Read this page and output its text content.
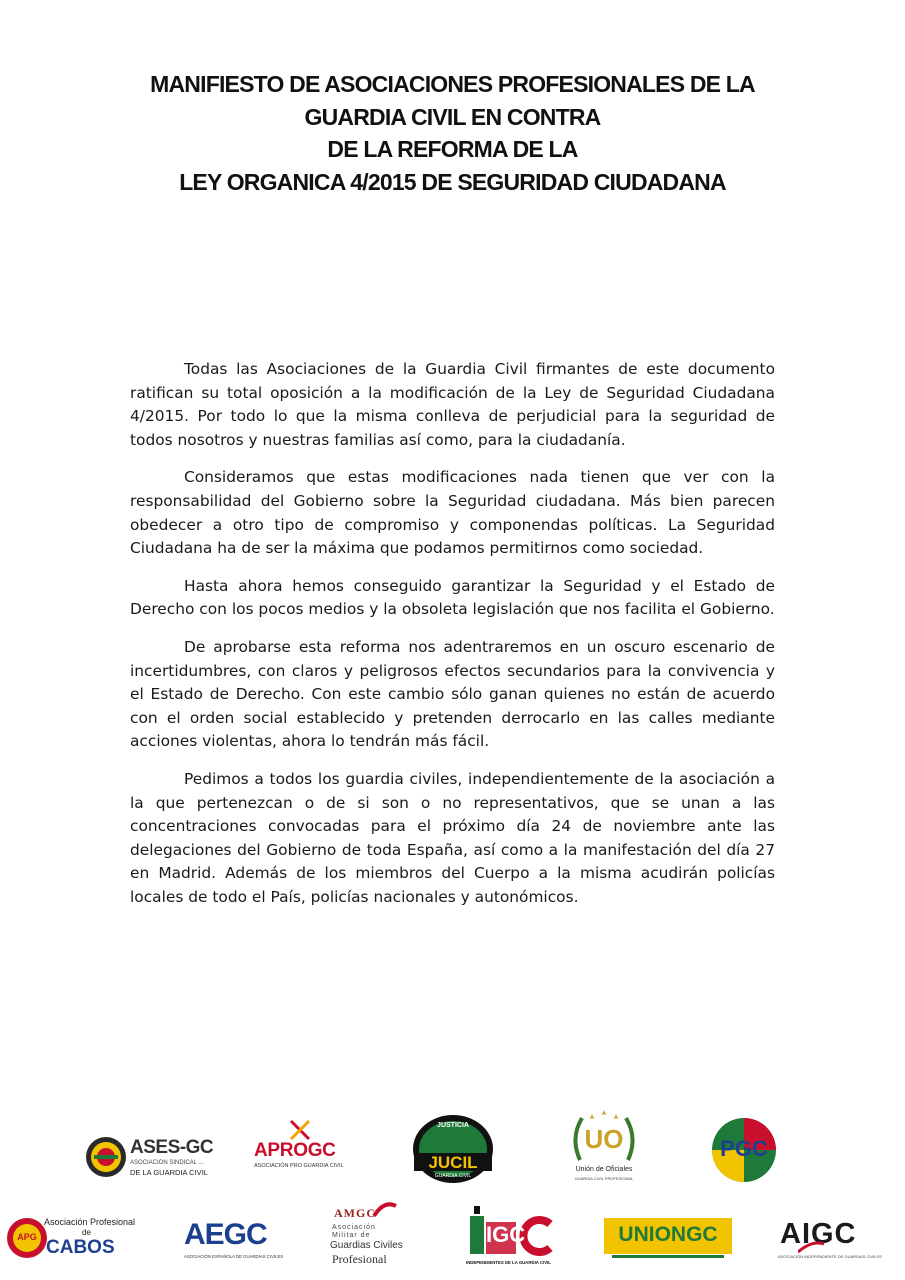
MANIFIESTO DE ASOCIACIONES PROFESIONALES DE LA
GUARDIA CIVIL EN CONTRA
DE LA REFORMA DE LA
LEY ORGANICA 4/2015 DE SEGURIDAD CIUDADANA

Todas las Asociaciones de la Guardia Civil firmantes de este documento ratifican su total oposición a la modificación de la Ley de Seguridad Ciudadana 4/2015. Por todo lo que la misma conlleva de perjudicial para la seguridad de todos nosotros y nuestras familias así como, para la ciudadanía.

Consideramos que estas modificaciones nada tienen que ver con la responsabilidad del Gobierno sobre la Seguridad ciudadana. Más bien parecen obedecer a otro tipo de compromiso y componendas políticas. La Seguridad Ciudadana ha de ser la máxima que podamos permitirnos como sociedad.

Hasta ahora hemos conseguido garantizar la Seguridad y el Estado de Derecho con los pocos medios y la obsoleta legislación que nos facilita el Gobierno.

De aprobarse esta reforma nos adentraremos en un oscuro escenario de incertidumbres, con claros y peligrosos efectos secundarios para la convivencia y el Estado de Derecho. Con este cambio sólo ganan quienes no están de acuerdo con el orden social establecido y pretenden derrocarlo en las calles mediante acciones violentas, ahora lo tendrán más fácil.

Pedimos a todos los guardia civiles, independientemente de la asociación a la que pertenezcan o de si son o no representativos, que se unan a las concentraciones convocadas para el próximo día 24 de noviembre ante las delegaciones del Gobierno de toda España, así como a la manifestación del día 27 en Madrid. Además de los miembros del Cuerpo a la misma acudirán policías locales de todo el País, policías nacionales y autonómicos.

ASES-GC
ASOCIACION SINDICAL ...
DE LA GUARDIA CIVIL
APROGC
ASOCIACIÓN PRO GUARDIA CIVIL
JUSTICIA
JUCIL
GUARDIA CIVIL
UO
Unión de Oficiales
GUARDIA CIVIL PROFESIONAL
PGC
APG
Asociación Profesional
de
CABOS AEGC
ASOCIACIÓN ESPAÑOLA DE GUARDIAS CIVILES
AMGC
Asociación
Militar de
Guardias Civiles
Profesional
IGC
INDEPENDIENTES DE LA GUARDIA CIVIL
UNIONGC	AIGC
ASOCIACIÓN INDEPENDIENTE DE GUARDIAS CIVILES
